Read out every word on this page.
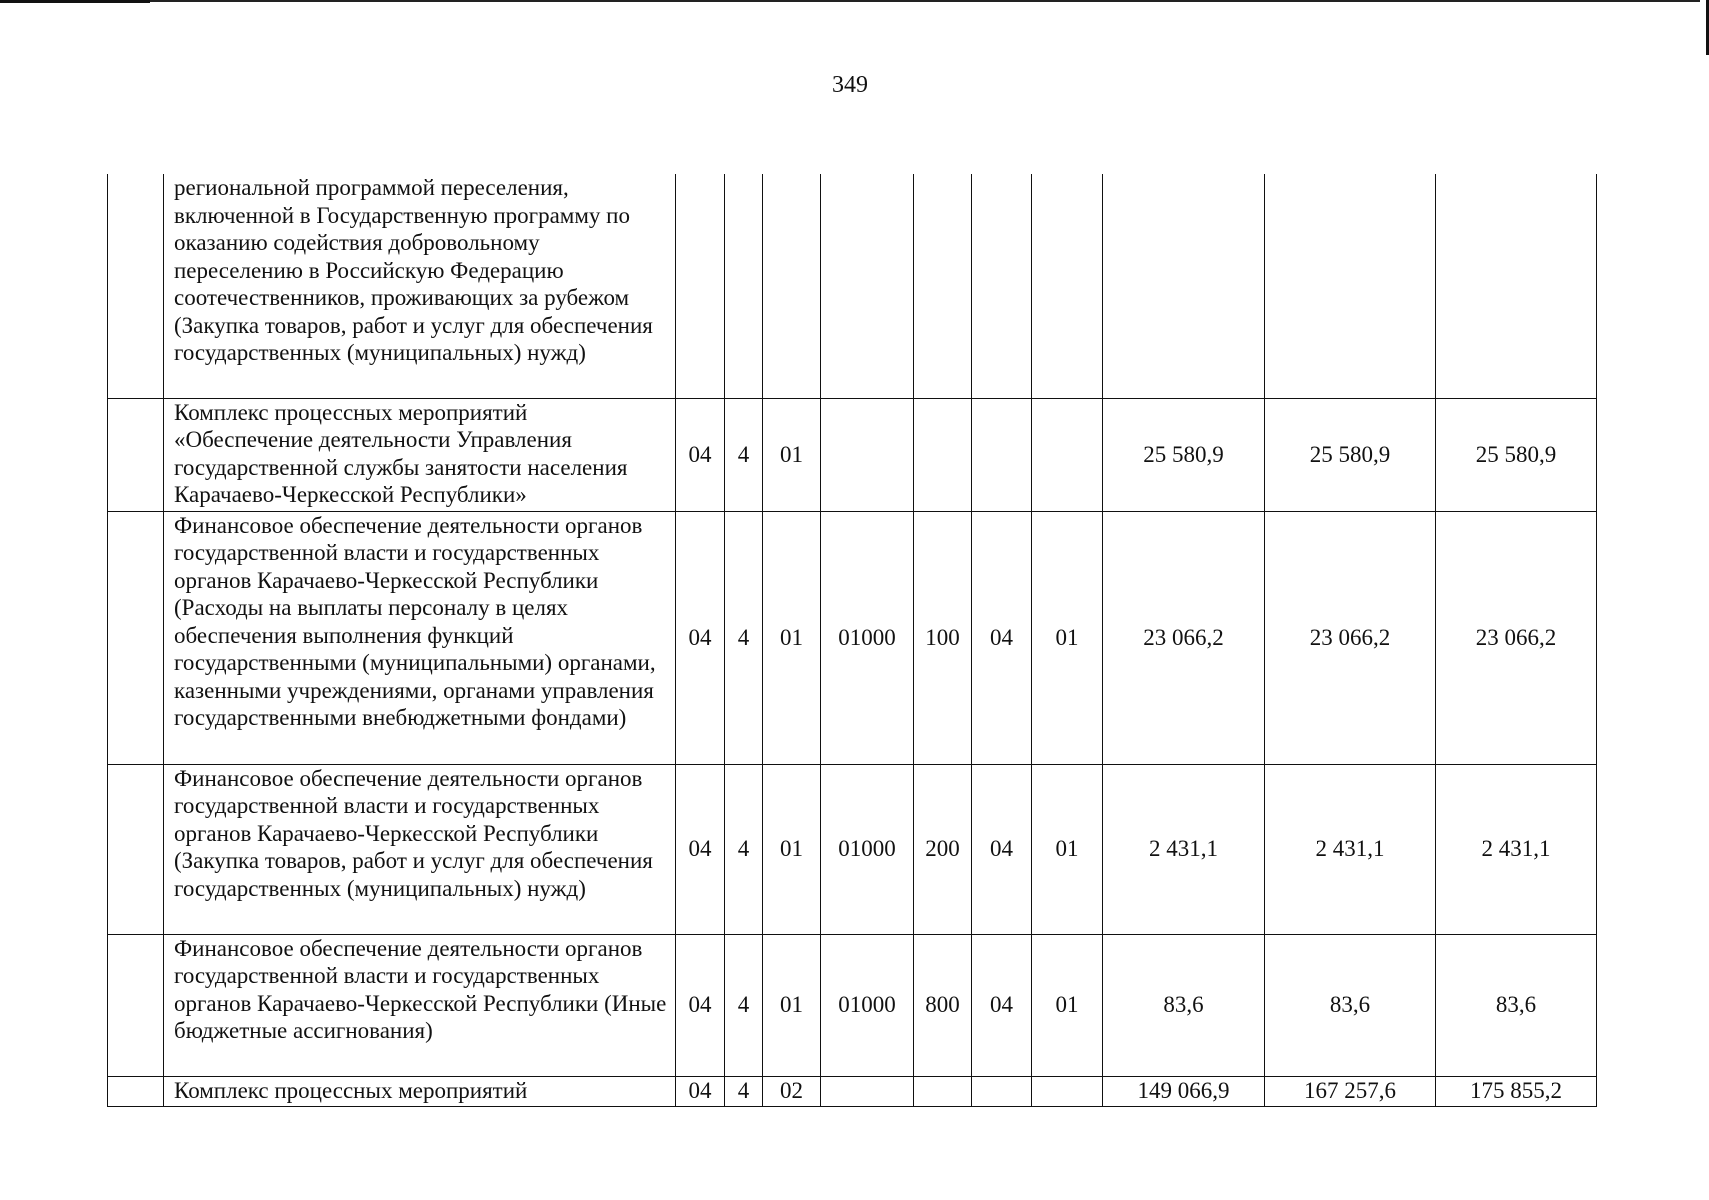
349
	региональной программой переселения, включенной в Государственную программу по оказанию содействия добровольному переселению в Российскую Федерацию соотечественников, проживающих за рубежом (Закупка товаров, работ и услуг для обеспечения государственных (муниципальных) нужд)										
	Комплекс процессных мероприятий «Обеспечение деятельности Управления государственной службы занятости населения Карачаево-Черкесской Республики»	04	4	01					25 580,9	25 580,9	25 580,9
	Финансовое обеспечение деятельности органов государственной власти и государственных органов Карачаево-Черкесской Республики (Расходы на выплаты персоналу в целях обеспечения выполнения функций государственными (муниципальными) органами, казенными учреждениями, органами управления государственными внебюджетными фондами)	04	4	01	01000	100	04	01	23 066,2	23 066,2	23 066,2
	Финансовое обеспечение деятельности органов государственной власти и государственных органов Карачаево-Черкесской Республики (Закупка товаров, работ и услуг для обеспечения государственных (муниципальных) нужд)	04	4	01	01000	200	04	01	2 431,1	2 431,1	2 431,1
	Финансовое обеспечение деятельности органов государственной власти и государственных органов Карачаево-Черкесской Республики (Иные бюджетные ассигнования)	04	4	01	01000	800	04	01	83,6	83,6	83,6
	Комплекс процессных мероприятий	04	4	02					149 066,9	167 257,6	175 855,2
